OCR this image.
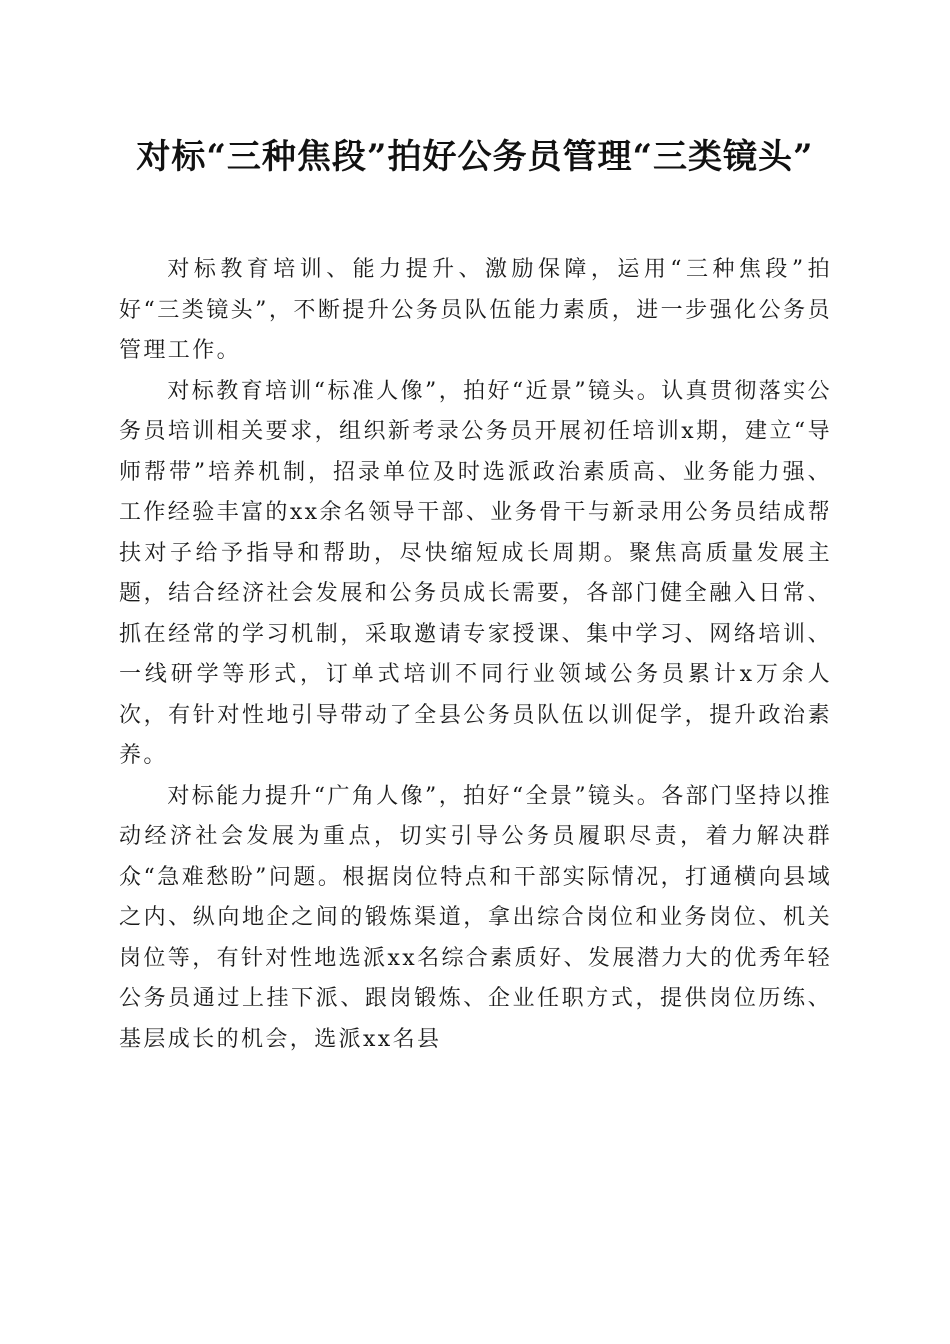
对标“三种焦段”拍好公务员管理“三类镜头”

对标教育培训、能力提升、激励保障，运用“三种焦段”拍好“三类镜头”，不断提升公务员队伍能力素质，进一步强化公务员管理工作。

对标教育培训“标准人像”，拍好“近景”镜头。认真贯彻落实公务员培训相关要求，组织新考录公务员开展初任培训x期，建立“导师帮带”培养机制，招录单位及时选派政治素质高、业务能力强、工作经验丰富的xx余名领导干部、业务骨干与新录用公务员结成帮扶对子给予指导和帮助，尽快缩短成长周期。聚焦高质量发展主题，结合经济社会发展和公务员成长需要，各部门健全融入日常、抓在经常的学习机制，采取邀请专家授课、集中学习、网络培训、一线研学等形式，订单式培训不同行业领域公务员累计x万余人次，有针对性地引导带动了全县公务员队伍以训促学，提升政治素养。

对标能力提升“广角人像”，拍好“全景”镜头。各部门坚持以推动经济社会发展为重点，切实引导公务员履职尽责，着力解决群众“急难愁盼”问题。根据岗位特点和干部实际情况，打通横向县域之内、纵向地企之间的锻炼渠道，拿出综合岗位和业务岗位、机关岗位等，有针对性地选派xx名综合素质好、发展潜力大的优秀年轻公务员通过上挂下派、跟岗锻炼、企业任职方式，提供岗位历练、基层成长的机会，选派xx名县
